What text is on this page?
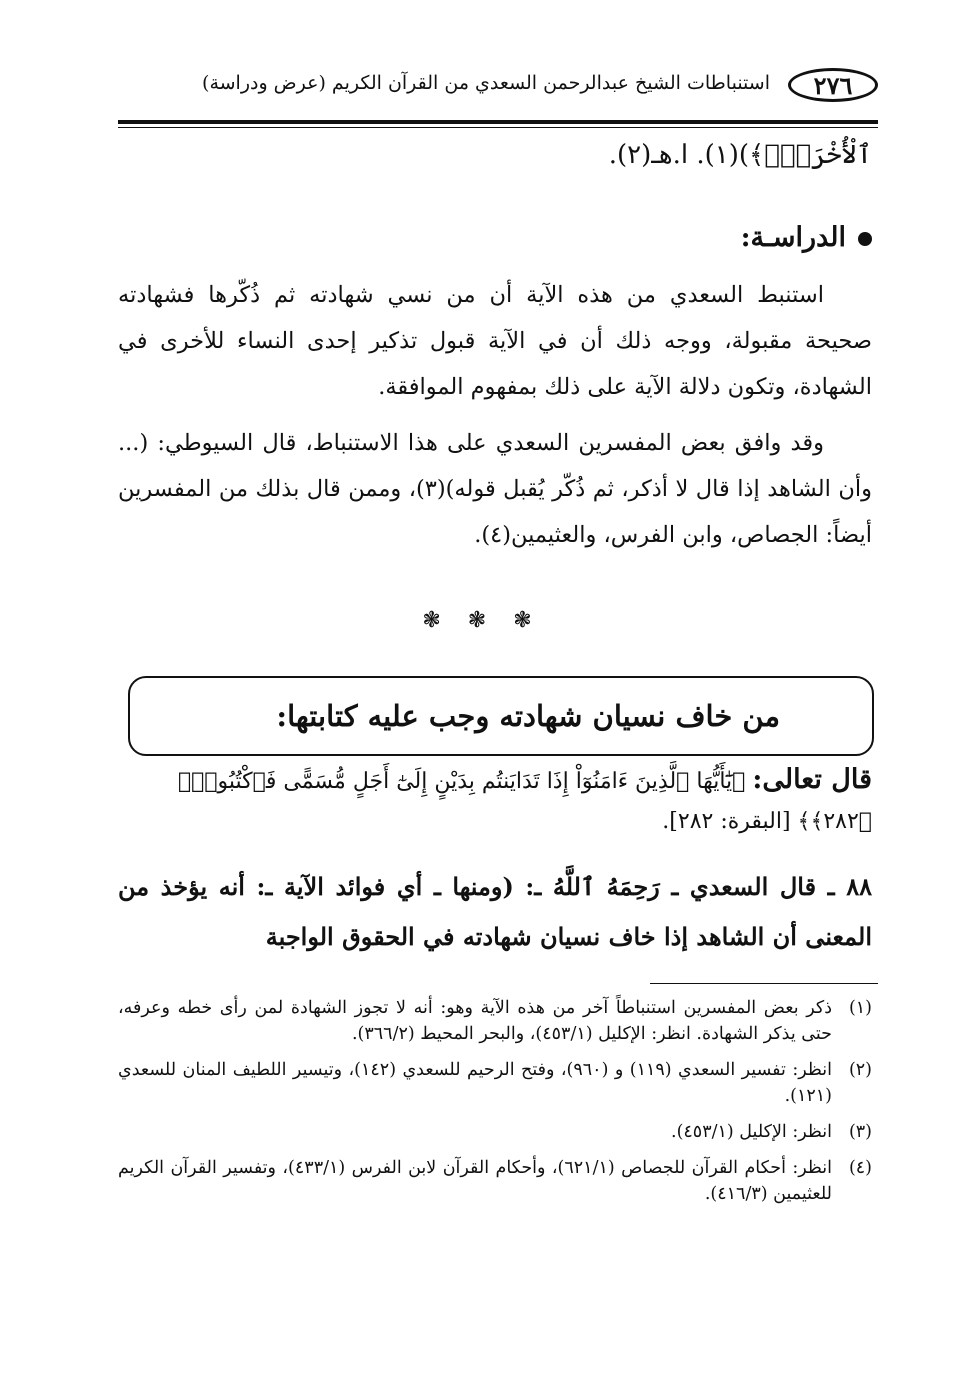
٢٧٦
استنباطات الشيخ عبدالرحمن السعدي من القرآن الكريم (عرض ودراسة)
ٱلْأُخْرَىٰۚ﴾)(١). ا.هـ(٢).
الدراسـة:
استنبط السعدي من هذه الآية أن من نسي شهادته ثم ذُكّرها فشهادته صحيحة مقبولة، ووجه ذلك أن في الآية قبول تذكير إحدى النساء للأخرى في الشهادة، وتكون دلالة الآية على ذلك بمفهوم الموافقة.
وقد وافق بعض المفسرين السعدي على هذا الاستنباط، قال السيوطي: (... وأن الشاهد إذا قال لا أذكر، ثم ذُكّر يُقبل قوله)(٣)، وممن قال بذلك من المفسرين أيضاً: الجصاص، وابن الفرس، والعثيمين(٤).
❃ ❃ ❃
من خاف نسيان شهادته وجب عليه كتابتها:
قال تعالى: ﴿يَٰٓأَيُّهَا ٱلَّذِينَ ءَامَنُوٓاْ إِذَا تَدَايَنتُم بِدَيْنٍ إِلَىٰٓ أَجَلٍ مُّسَمًّى فَٱكْتُبُوهُۚ ﴿٢٨٢﴾﴾ [البقرة: ٢٨٢].
٨٨ ـ قال السعدي ـ رَحِمَهُ ٱللَّهُ ـ: (ومنها ـ أي فوائد الآية ـ: أنه يؤخذ من المعنى أن الشاهد إذا خاف نسيان شهادته في الحقوق الواجبة
(١)
ذكر بعض المفسرين استنباطاً آخر من هذه الآية وهو: أنه لا تجوز الشهادة لمن رأى خطه وعرفه، حتى يذكر الشهادة. انظر: الإكليل (٤٥٣/١)، والبحر المحيط (٣٦٦/٢).
(٢)
انظر: تفسير السعدي (١١٩) و (٩٦٠)، وفتح الرحيم للسعدي (١٤٢)، وتيسير اللطيف المنان للسعدي (١٢١).
(٣)
انظر: الإكليل (٤٥٣/١).
(٤)
انظر: أحكام القرآن للجصاص (٦٢١/١)، وأحكام القرآن لابن الفرس (٤٣٣/١)، وتفسير القرآن الكريم للعثيمين (٤١٦/٣).
